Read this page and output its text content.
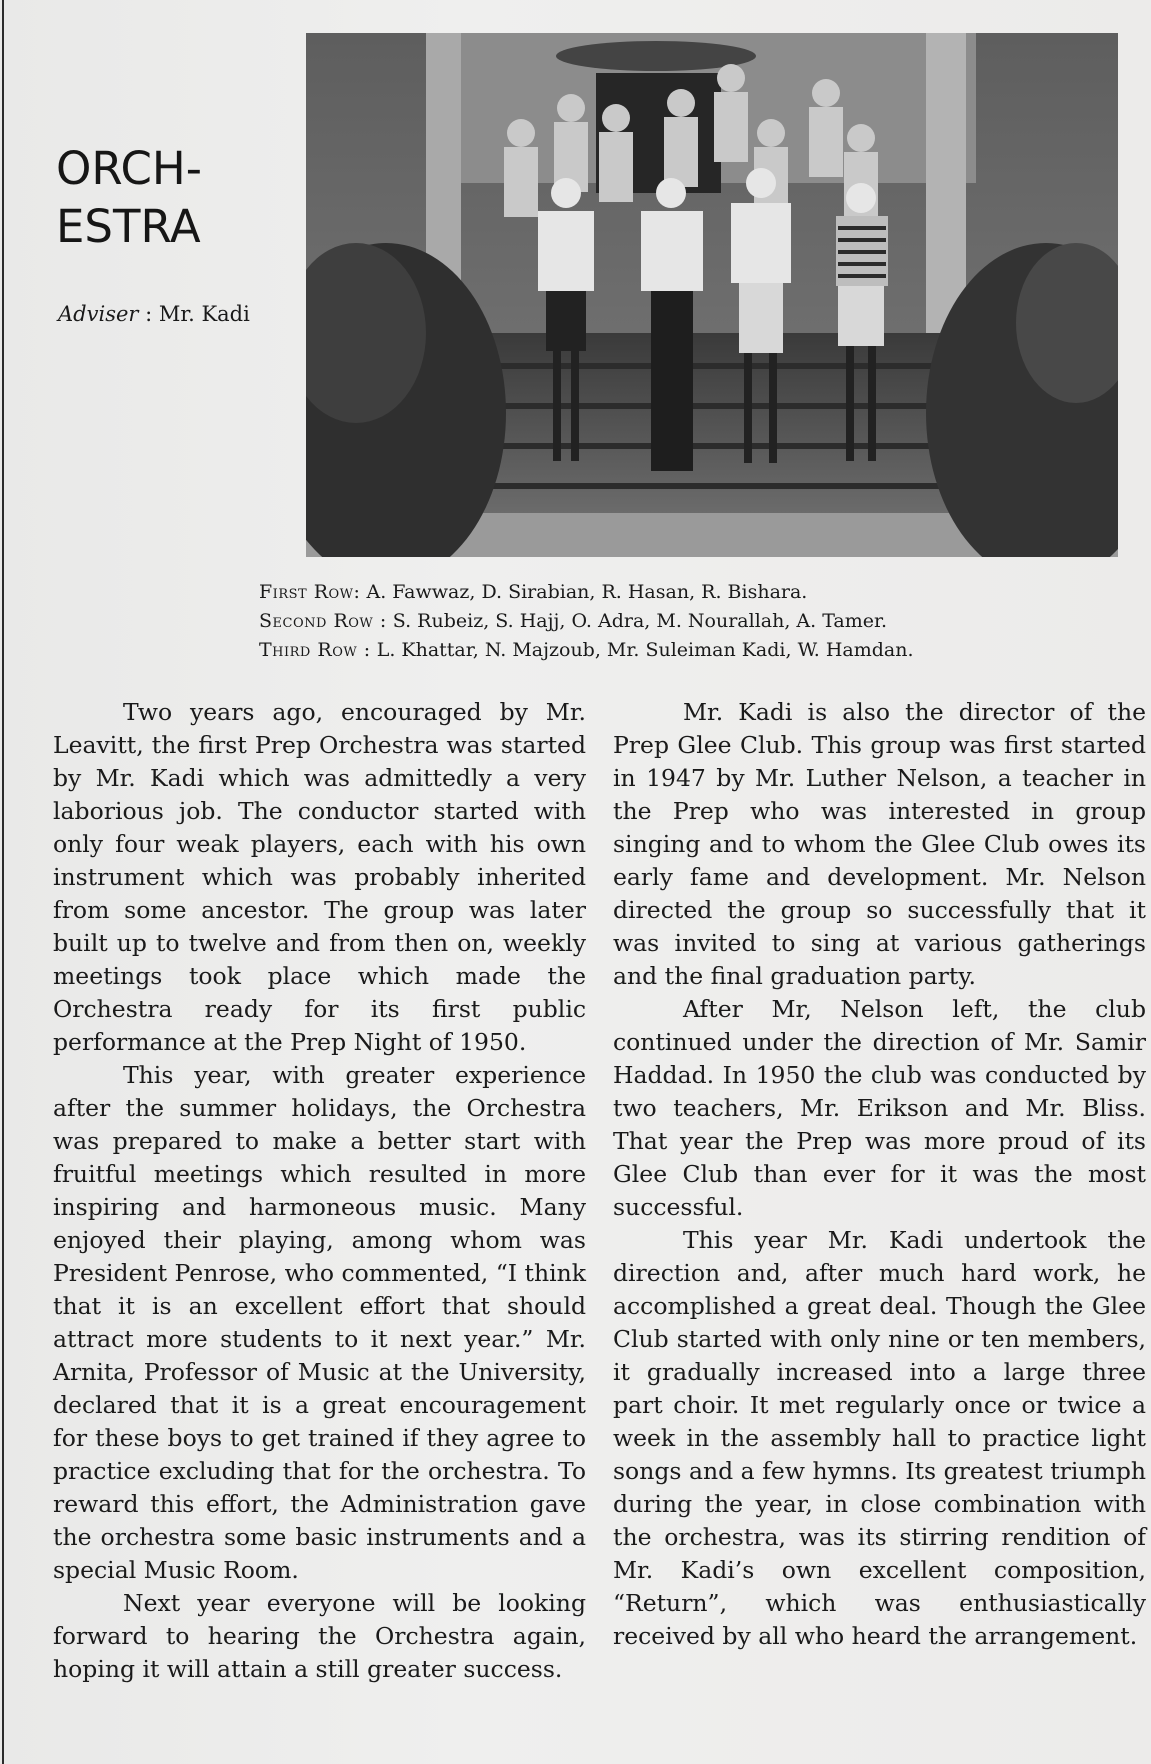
ORCH-
ESTRA
Adviser : Mr. Kadi
First Row: A. Fawwaz, D. Sirabian, R. Hasan, R. Bishara.
Second Row : S. Rubeiz, S. Hajj, O. Adra, M. Nourallah, A. Tamer.
Third Row : L. Khattar, N. Majzoub, Mr. Suleiman Kadi, W. Hamdan.

Two years ago, encouraged by Mr. Leavitt, the first Prep Orchestra was started by Mr. Kadi which was admittedly a very laborious job. The conductor started with only four weak players, each with his own instrument which was probably inherited from some ancestor. The group was later built up to twelve and from then on, weekly meetings took place which made the Orchestra ready for its first public performance at the Prep Night of 1950.

This year, with greater experience after the summer holidays, the Orchestra was prepared to make a better start with fruitful meetings which resulted in more inspiring and harmoneous music. Many enjoyed their playing, among whom was President Penrose, who commented, “I think that it is an excellent effort that should attract more students to it next year.” Mr. Arnita, Professor of Music at the University, declared that it is a great encouragement for these boys to get trained if they agree to practice excluding that for the orchestra. To reward this effort, the Administration gave the orchestra some basic instruments and a special Music Room.

Next year everyone will be looking forward to hearing the Orchestra again, hoping it will attain a still greater success.

Mr. Kadi is also the director of the Prep Glee Club. This group was first started in 1947 by Mr. Luther Nelson, a teacher in the Prep who was interested in group singing and to whom the Glee Club owes its early fame and development. Mr. Nelson directed the group so successfully that it was invited to sing at various gatherings and the final graduation party.

After Mr, Nelson left, the club continued under the direction of Mr. Samir Haddad. In 1950 the club was conducted by two teachers, Mr. Erikson and Mr. Bliss. That year the Prep was more proud of its Glee Club than ever for it was the most successful.

This year Mr. Kadi undertook the direction and, after much hard work, he accomplished a great deal. Though the Glee Club started with only nine or ten members, it gradually increased into a large three part choir. It met regularly once or twice a week in the assembly hall to practice light songs and a few hymns. Its greatest triumph during the year, in close combination with the orchestra, was its stirring rendition of Mr. Kadi’s own excellent composition, “Return”, which was enthusiastically received by all who heard the arrangement.
